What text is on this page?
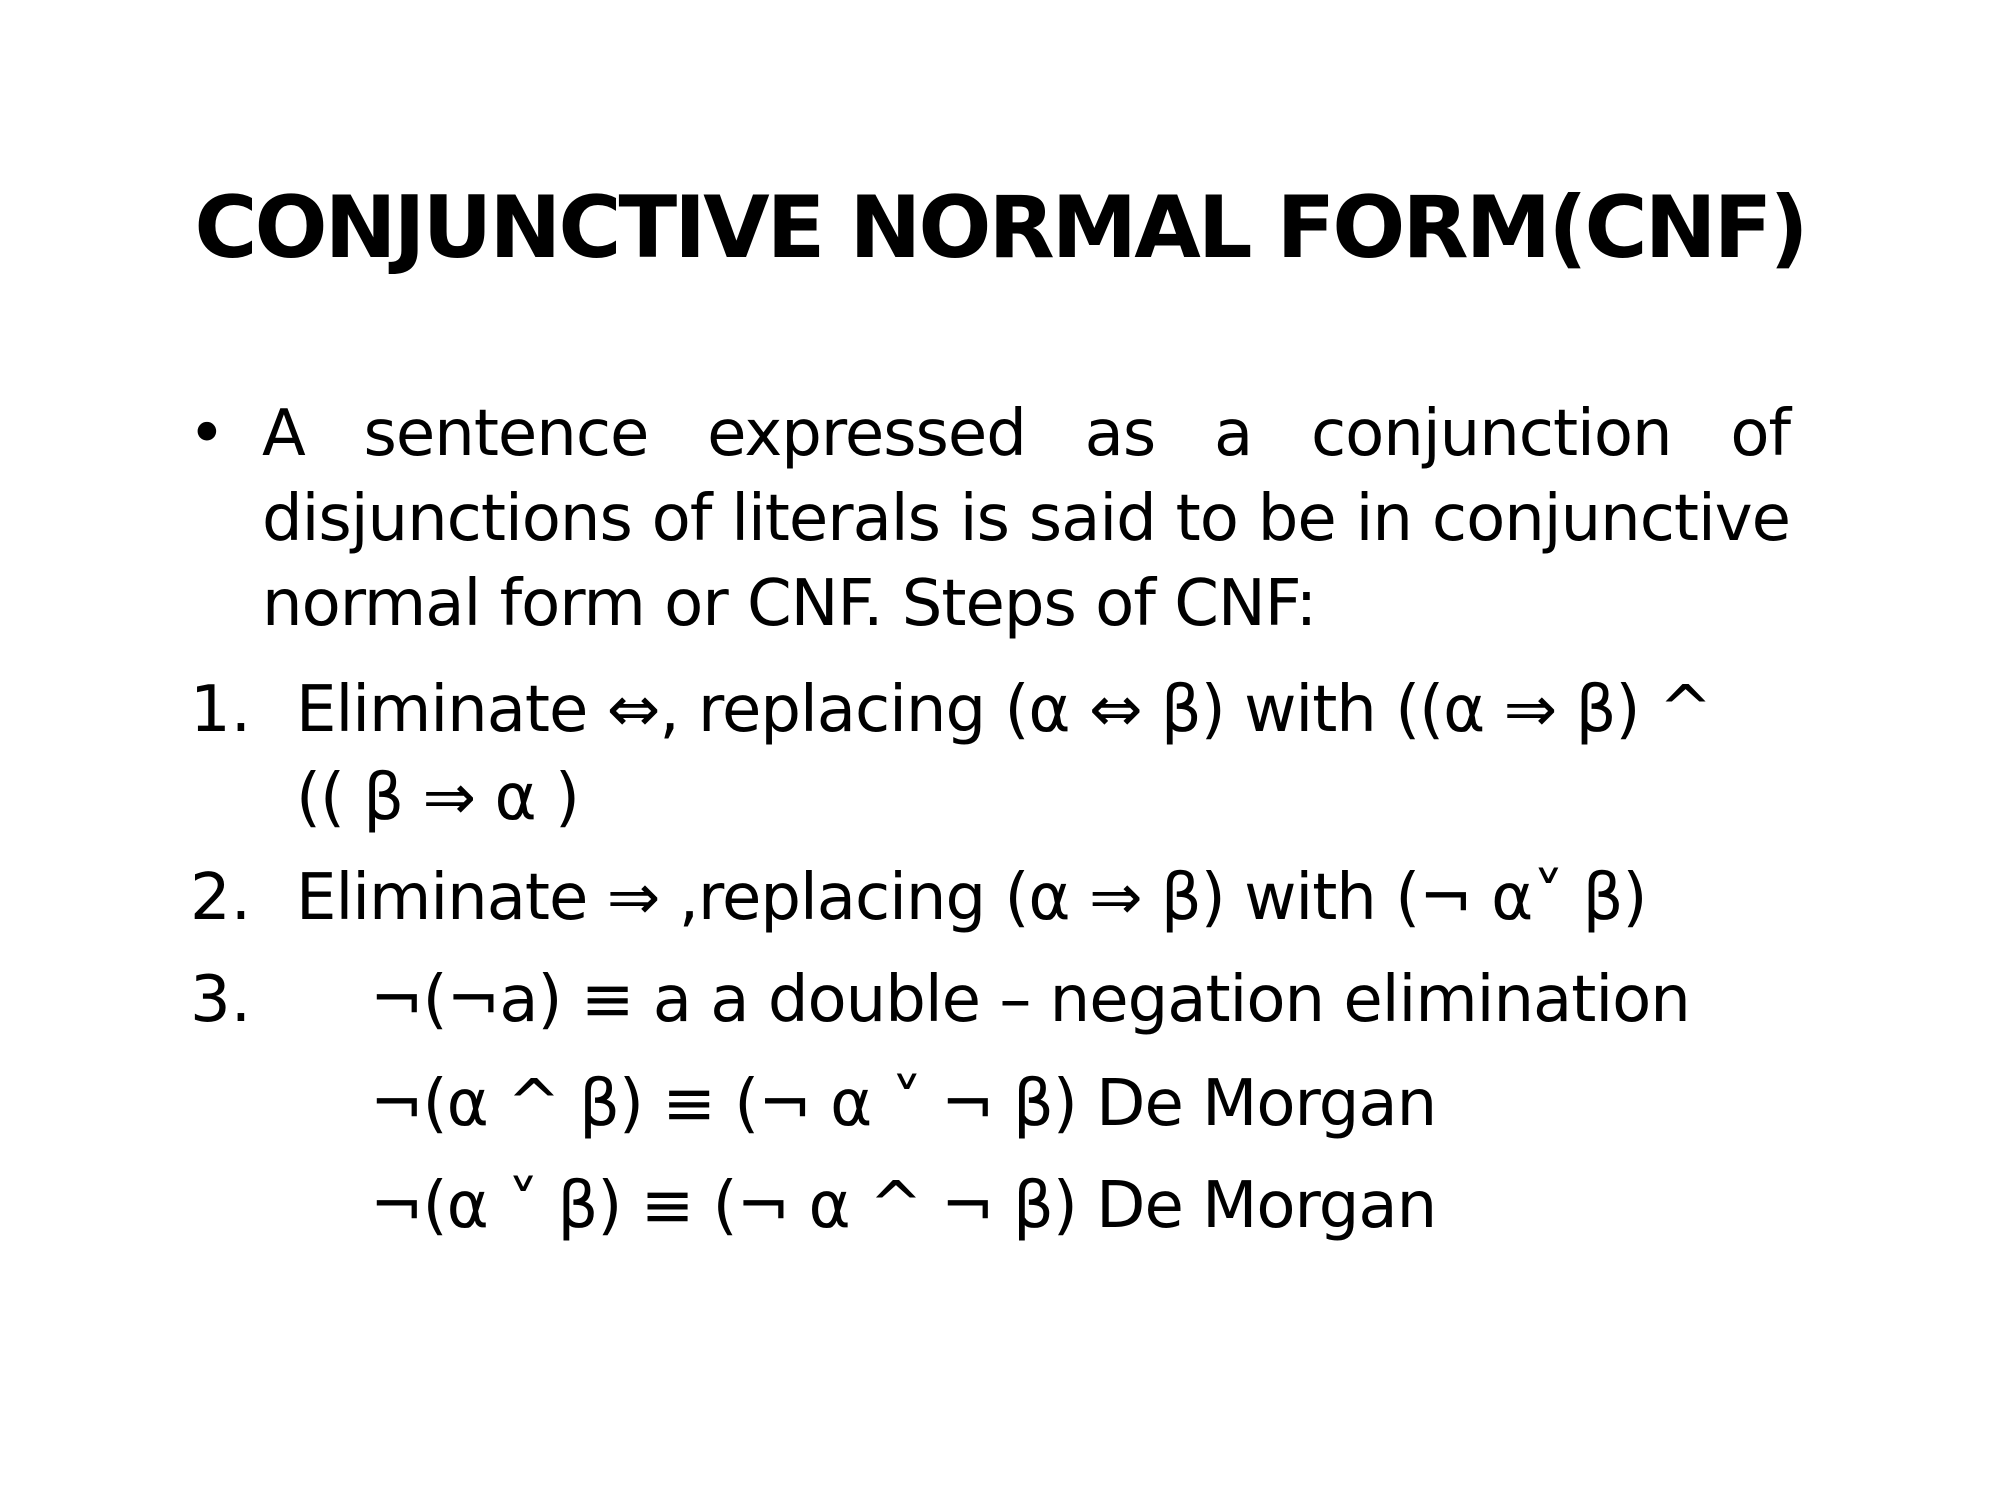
CONJUNCTIVE NORMAL FORM(CNF)
• A sentence expressed as a conjunction of disjunctions of literals is said to be in conjunctive normal form or CNF. Steps of CNF:
1. Eliminate ⇔, replacing (α ⇔ β) with ((α ⇒ β) ^
(( β ⇒ α )
2. Eliminate ⇒ ,replacing (α ⇒ β) with (¬ α˅ β)
3. ¬(¬a) ≡ a a double – negation elimination
¬(α ^ β) ≡ (¬ α ˅ ¬ β) De Morgan
¬(α ˅ β) ≡ (¬ α ^ ¬ β) De Morgan
